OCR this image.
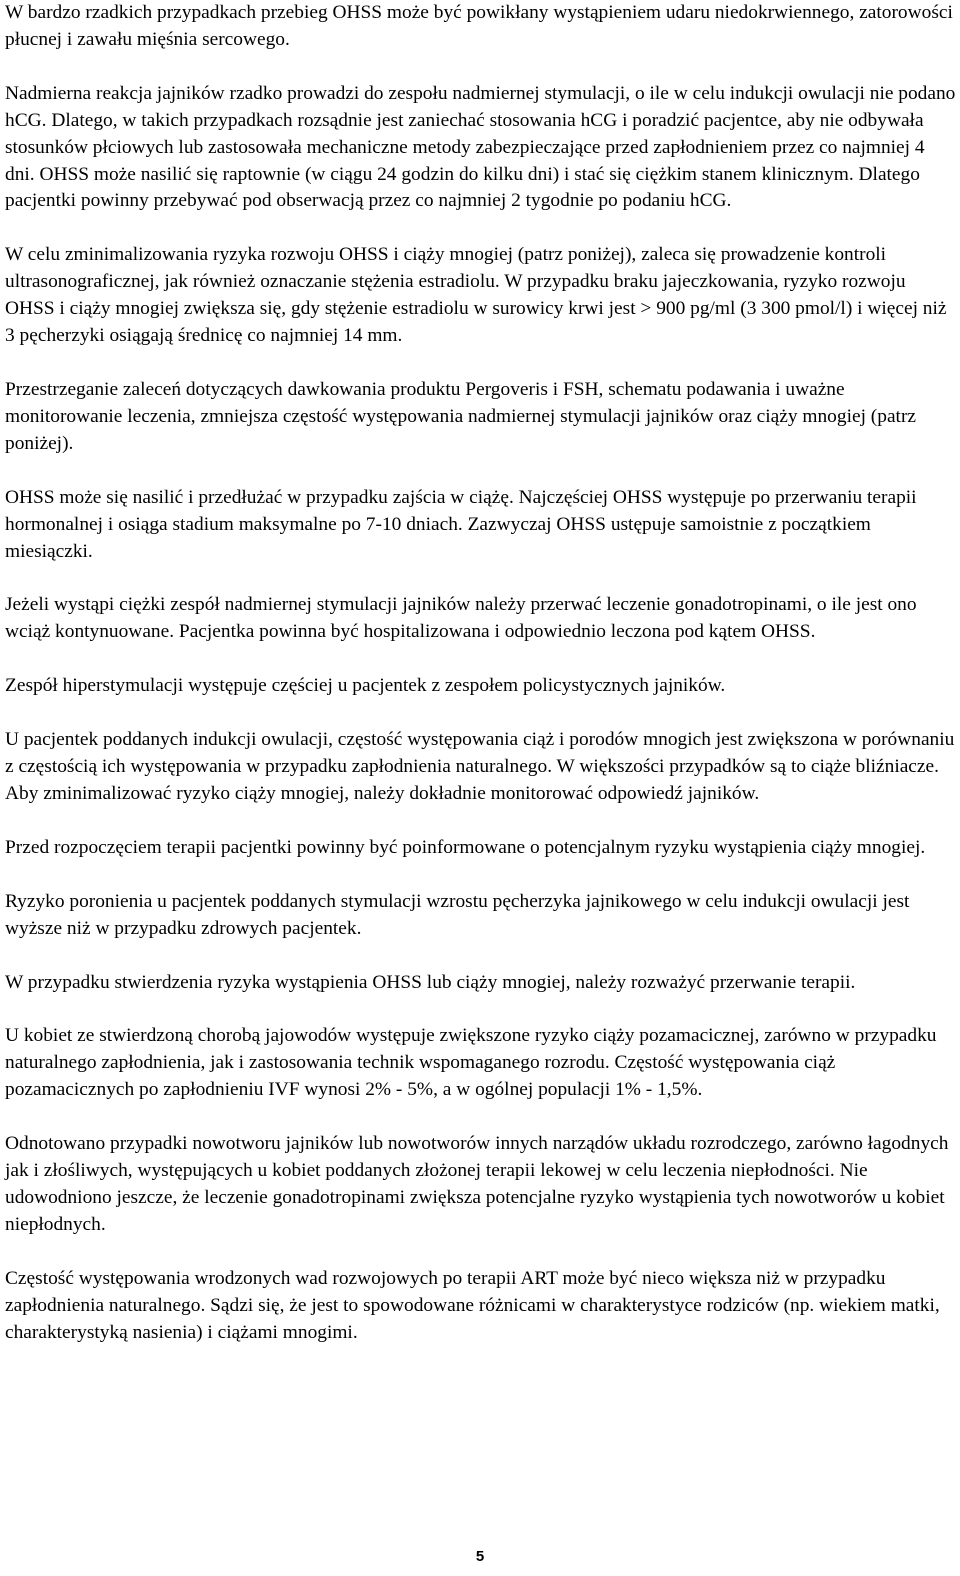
W bardzo rzadkich przypadkach przebieg OHSS może być powikłany wystąpieniem udaru niedokrwiennego, zatorowości płucnej i zawału mięśnia sercowego.

Nadmierna reakcja jajników rzadko prowadzi do zespołu nadmiernej stymulacji, o ile w celu indukcji owulacji nie podano hCG. Dlatego, w takich przypadkach rozsądnie jest zaniechać stosowania hCG i poradzić pacjentce, aby nie odbywała stosunków płciowych lub zastosowała mechaniczne metody zabezpieczające przed zapłodnieniem przez co najmniej 4 dni. OHSS może nasilić się raptownie (w ciągu 24 godzin do kilku dni) i stać się ciężkim stanem klinicznym. Dlatego pacjentki powinny przebywać pod obserwacją przez co najmniej 2 tygodnie po podaniu hCG.

W celu zminimalizowania ryzyka rozwoju OHSS i ciąży mnogiej (patrz poniżej), zaleca się prowadzenie kontroli ultrasonograficznej, jak również oznaczanie stężenia estradiolu. W przypadku braku jajeczkowania, ryzyko rozwoju OHSS i ciąży mnogiej zwiększa się, gdy stężenie estradiolu w surowicy krwi jest > 900 pg/ml (3 300 pmol/l) i więcej niż 3 pęcherzyki osiągają średnicę co najmniej 14 mm.

Przestrzeganie zaleceń dotyczących dawkowania produktu Pergoveris i FSH, schematu podawania i uważne monitorowanie leczenia, zmniejsza częstość występowania nadmiernej stymulacji jajników oraz ciąży mnogiej (patrz poniżej).

OHSS może się nasilić i przedłużać w przypadku zajścia w ciążę. Najczęściej OHSS występuje po przerwaniu terapii hormonalnej i osiąga stadium maksymalne po 7-10 dniach. Zazwyczaj OHSS ustępuje samoistnie z początkiem miesiączki.

Jeżeli wystąpi ciężki zespół nadmiernej stymulacji jajników należy przerwać leczenie gonadotropinami, o ile jest ono wciąż kontynuowane. Pacjentka powinna być hospitalizowana i odpowiednio leczona pod kątem OHSS.

Zespół hiperstymulacji występuje częściej u pacjentek z zespołem policystycznych jajników.

U pacjentek poddanych indukcji owulacji, częstość występowania ciąż i porodów mnogich jest zwiększona w porównaniu z częstością ich występowania w przypadku zapłodnienia naturalnego. W większości przypadków są to ciąże bliźniacze. Aby zminimalizować ryzyko ciąży mnogiej, należy dokładnie monitorować odpowiedź jajników.

Przed rozpoczęciem terapii pacjentki powinny być poinformowane o potencjalnym ryzyku wystąpienia ciąży mnogiej.

Ryzyko poronienia u pacjentek poddanych stymulacji wzrostu pęcherzyka jajnikowego w celu indukcji owulacji jest wyższe niż w przypadku zdrowych pacjentek.

W przypadku stwierdzenia ryzyka wystąpienia OHSS lub ciąży mnogiej, należy rozważyć przerwanie terapii.

U kobiet ze stwierdzoną chorobą jajowodów występuje zwiększone ryzyko ciąży pozamacicznej, zarówno w przypadku naturalnego zapłodnienia, jak i zastosowania technik wspomaganego rozrodu. Częstość występowania ciąż pozamacicznych po zapłodnieniu IVF wynosi 2% - 5%, a w ogólnej populacji 1% - 1,5%.

Odnotowano przypadki nowotworu jajników lub nowotworów innych narządów układu rozrodczego, zarówno łagodnych jak i złośliwych, występujących u kobiet poddanych złożonej terapii lekowej w celu leczenia niepłodności. Nie udowodniono jeszcze, że leczenie gonadotropinami zwiększa potencjalne ryzyko wystąpienia tych nowotworów u kobiet niepłodnych.

Częstość występowania wrodzonych wad rozwojowych po terapii ART może być nieco większa niż w przypadku zapłodnienia naturalnego. Sądzi się, że jest to spowodowane różnicami w charakterystyce rodziców (np. wiekiem matki, charakterystyką nasienia) i ciążami mnogimi.

5
